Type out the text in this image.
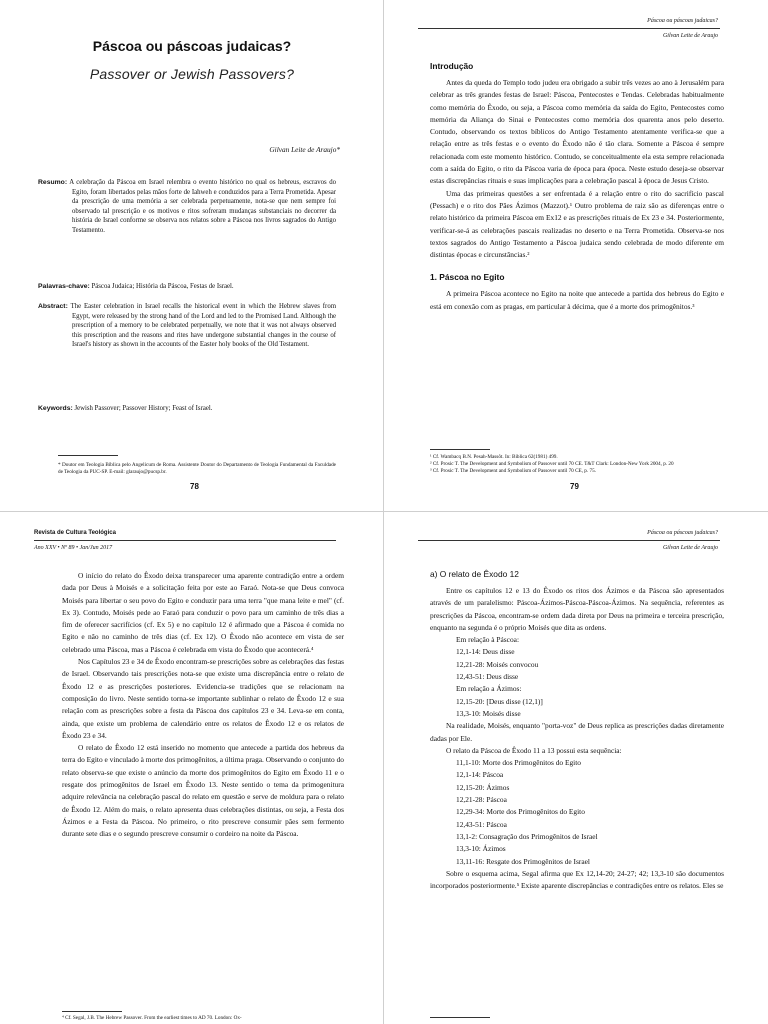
Páscoa ou páscoas judaicas?
Passover or Jewish Passovers?
Gilvan Leite de Araujo*
Resumo: A celebração da Páscoa em Israel relembra o evento histórico no qual os hebreus, escravos do Egito, foram libertados pelas mãos forte de Iahweh e conduzidos para a Terra Prometida. Apesar da prescrição de uma memória a ser celebrada perpetuamente, nota-se que nem sempre foi observado tal prescrição e os motivos e ritos sofreram mudanças substanciais no decorrer da história de Israel conforme se observa nos relatos sobre a Páscoa nos livros sagrados do Antigo Testamento.
Palavras-chave: Páscoa Judaica; História da Páscoa, Festas de Israel.
Abstract: The Easter celebration in Israel recalls the historical event in which the Hebrew slaves from Egypt, were released by the strong hand of the Lord and led to the Promised Land. Although the prescription of a memory to be celebrated perpetually, we note that it was not always observed this prescription and the reasons and rites have undergone substantial changes in the course of Israel's history as shown in the accounts of the Easter holy books of the Old Testament.
Keywords: Jewish Passover; Passover History; Feast of Israel.
* Doutor em Teologia Bíblica pelo Angelicum de Roma. Assistente Doutor do Departamento de Teologia Fundamental da Faculdade de Teologia da PUC-SP. E-mail: glaraujo@pucsp.br.
78
Páscoa ou páscoas judaicas?
Gilvan Leite de Araujo
Introdução

Antes da queda do Templo todo judeu era obrigado a subir três vezes ao ano à Jerusalém para celebrar as três grandes festas de Israel: Páscoa, Pentecostes e Tendas. Celebradas habitualmente como memória do Êxodo, ou seja, a Páscoa como memória da saída do Egito, Pentecostes como memória da Aliança do Sinai e Pentecostes como memória dos quarenta anos pelo deserto. Contudo, observando os textos bíblicos do Antigo Testamento atentamente verifica-se que a relação entre as três festas e o evento do Êxodo não é tão clara. Somente a Páscoa é sempre relacionada com este momento histórico. Contudo, se conceitualmente ela esta sempre relacionada com a saída do Egito, o rito da Páscoa varia de época para época. Neste estudo deseja-se observar estas discrepâncias rituais e suas implicações para a celebração pascal à época de Jesus Cristo.

Uma das primeiras questões a ser enfrentada é a relação entre o rito do sacrifício pascal (Pessach) e o rito dos Pães Ázimos (Mazzot).¹ Outro problema de raiz são as diferenças entre o relato histórico da primeira Páscoa em Ex12 e as prescrições rituais de Ex 23 e 34. Posteriormente, verificar-se-á as celebrações pascais realizadas no deserto e na Terra Prometida. Observa-se nos textos sagrados do Antigo Testamento a Páscoa judaica sendo celebrada de modo diferente em distintas épocas e circunstâncias.²

1. Páscoa no Egito

A primeira Páscoa acontece no Egito na noite que antecede a partida dos hebreus do Egito e está em conexão com as pragas, em particular à décima, que é a morte dos primogênitos.³

¹ Cf. Wambacq B.N. Pesah-Massôt. In: Biblica 62(1981) 499.
² Cf. Prosic T. The Development and Symbolism of Passover until 70 CE. T&T Clark: London-New York 2004, p. 20
³ Cf. Prosic T. The Development and Symbolism of Passover until 70 CE, p. 75.
79
Revista de Cultura Teológica
Ano XXV • Nº 89 • Jan/Jun 2017

O início do relato do Êxodo deixa transparecer uma aparente contradição entre a ordem dada por Deus à Moisés e a solicitação feita por este ao Faraó. Nota-se que Deus convoca Moisés para libertar o seu povo do Egito e conduzir para uma terra "que mana leite e mel" (cf. Ex 3). Contudo, Moisés pede ao Faraó para conduzir o povo para um caminho de três dias a fim de oferecer sacrifícios (cf. Ex 5) e no capítulo 12 é afirmado que a Páscoa é comida no Egito e não no caminho de três dias (cf. Ex 12). O Êxodo não acontece em vista de ser celebrado uma Páscoa, mas a Páscoa é celebrada em vista do Êxodo que acontecerá.⁴

Nos Capítulos 23 e 34 de Êxodo encontram-se prescrições sobre as celebrações das festas de Israel. Observando tais prescrições nota-se que existe uma discrepância entre o relato de Êxodo 12 e as prescrições posteriores. Evidencia-se tradições que se relacionam na composição do livro. Neste sentido torna-se importante sublinhar o relato de Êxodo 12 e sua relação com as prescrições sobre a festa da Páscoa dos capítulos 23 e 34. Leva-se em conta, ainda, que existe um problema de calendário entre os relatos de Êxodo 12 e os relatos de Êxodo 23 e 34.

O relato de Êxodo 12 está inserido no momento que antecede a partida dos hebreus da terra do Egito e vinculado à morte dos primogênitos, a última praga. Observando o conjunto do relato observa-se que existe o anúncio da morte dos primogênitos do Egito em Êxodo 11 e o resgate dos primogênitos de Israel em Êxodo 13. Neste sentido o tema da primogenitura adquire relevância na celebração pascal do relato em questão e serve de moldura para o relato de Êxodo 12. Além do mais, o relato apresenta duas celebrações distintas, ou seja, a Festa dos Ázimos e a Festa da Páscoa. No primeiro, o rito prescreve consumir pães sem fermento durante sete dias e o segundo prescreve consumir o cordeiro na noite da Páscoa.

⁴ Cf. Segal, J.B. The Hebrew Passover. From the earliest times to AD 70. London: Ox-
Páscoa ou páscoas judaicas?
Gilvan Leite de Araujo
a) O relato de Êxodo 12

Entre os capítulos 12 e 13 do Êxodo os ritos dos Ázimos e da Páscoa são apresentados através de um paralelismo: Páscoa-Ázimos-Páscoa-Páscoa-Ázimos. Na sequência, referentes as prescrições da Páscoa, encontram-se ordem dada direta por Deus na primeira e terceira prescrição, enquanto na segunda é o próprio Moisés que dita as ordens.

Em relação à Páscoa:

12,1-14: Deus disse

12,21-28: Moisés convocou

12,43-51: Deus disse

Em relação a Ázimos:

12,15-20: [Deus disse (12,1)]

13,3-10: Moisés disse

Na realidade, Moisés, enquanto "porta-voz" de Deus replica as prescrições dadas diretamente dadas por Ele.

O relato da Páscoa de Êxodo 11 a 13 possui esta sequência:

11,1-10: Morte dos Primogênitos do Egito

12,1-14: Páscoa

12,15-20: Ázimos

12,21-28: Páscoa

12,29-34: Morte dos Primogênitos do Egito

12,43-51: Páscoa

13,1-2: Consagração dos Primogênitos de Israel

13,3-10: Ázimos

13,11-16: Resgate dos Primogênitos de Israel

Sobre o esquema acima, Segal afirma que Ex 12,14-20; 24-27; 42; 13,3-10 são documentos incorporados posteriormente.⁵ Existe aparente discrepâncias e contradições entre os relatos. Eles se
